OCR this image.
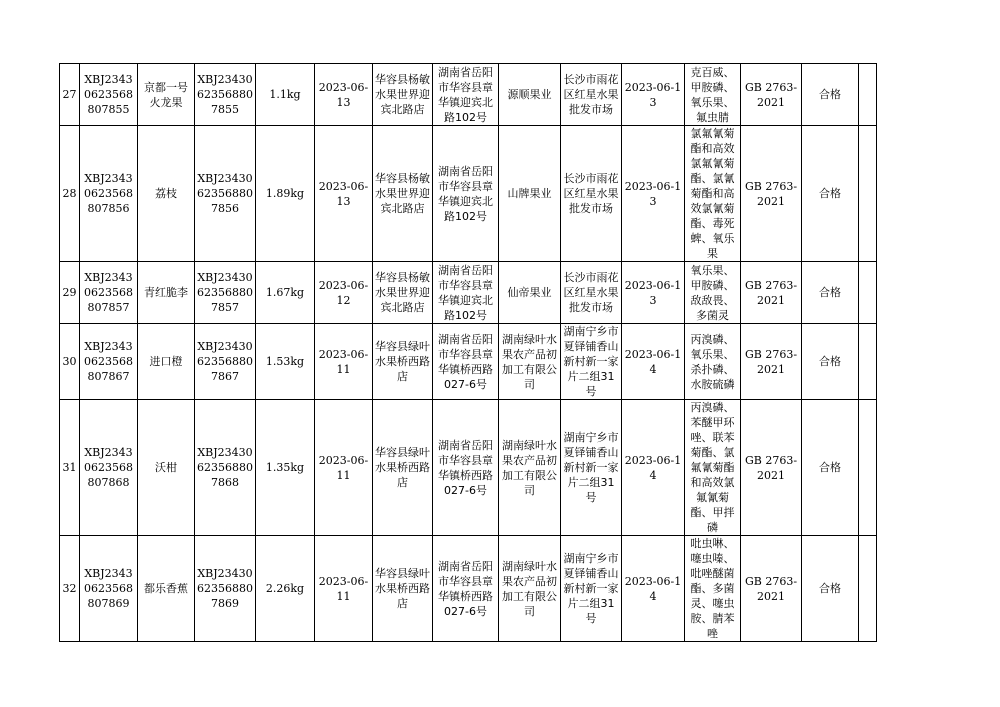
27	XBJ23430623568807855	京都一号火龙果	XBJ23430623568807855	1.1kg	2023-06-13	华容县杨敏水果世界迎宾北路店	湖南省岳阳市华容县章华镇迎宾北路102号	源顺果业	长沙市雨花区红星水果批发市场	2023-06-13	克百威、甲胺磷、氧乐果、氟虫腈	GB 2763-2021	合格	
28	XBJ23430623568807856	荔枝	XBJ23430623568807856	1.89kg	2023-06-13	华容县杨敏水果世界迎宾北路店	湖南省岳阳市华容县章华镇迎宾北路102号	山牌果业	长沙市雨花区红星水果批发市场	2023-06-13	氯氟氰菊酯和高效氯氟氰菊酯、氯氰菊酯和高效氯氰菊酯、毒死蜱、氧乐果	GB 2763-2021	合格	
29	XBJ23430623568807857	青红脆李	XBJ23430623568807857	1.67kg	2023-06-12	华容县杨敏水果世界迎宾北路店	湖南省岳阳市华容县章华镇迎宾北路102号	仙帝果业	长沙市雨花区红星水果批发市场	2023-06-13	氧乐果、甲胺磷、敌敌畏、多菌灵	GB 2763-2021	合格	
30	XBJ23430623568807867	进口橙	XBJ23430623568807867	1.53kg	2023-06-11	华容县绿叶水果桥西路店	湖南省岳阳市华容县章华镇桥西路027-6号	湖南绿叶水果农产品初加工有限公司	湖南宁乡市夏铎铺香山新村新一家片二组31号	2023-06-14	丙溴磷、氧乐果、杀扑磷、水胺硫磷	GB 2763-2021	合格	
31	XBJ23430623568807868	沃柑	XBJ23430623568807868	1.35kg	2023-06-11	华容县绿叶水果桥西路店	湖南省岳阳市华容县章华镇桥西路027-6号	湖南绿叶水果农产品初加工有限公司	湖南宁乡市夏铎铺香山新村新一家片二组31号	2023-06-14	丙溴磷、苯醚甲环唑、联苯菊酯、氯氟氰菊酯和高效氯氟氰菊酯、甲拌磷	GB 2763-2021	合格	
32	XBJ23430623568807869	都乐香蕉	XBJ23430623568807869	2.26kg	2023-06-11	华容县绿叶水果桥西路店	湖南省岳阳市华容县章华镇桥西路027-6号	湖南绿叶水果农产品初加工有限公司	湖南宁乡市夏铎铺香山新村新一家片二组31号	2023-06-14	吡虫啉、噻虫嗪、吡唑醚菌酯、多菌灵、噻虫胺、腈苯唑	GB 2763-2021	合格	
